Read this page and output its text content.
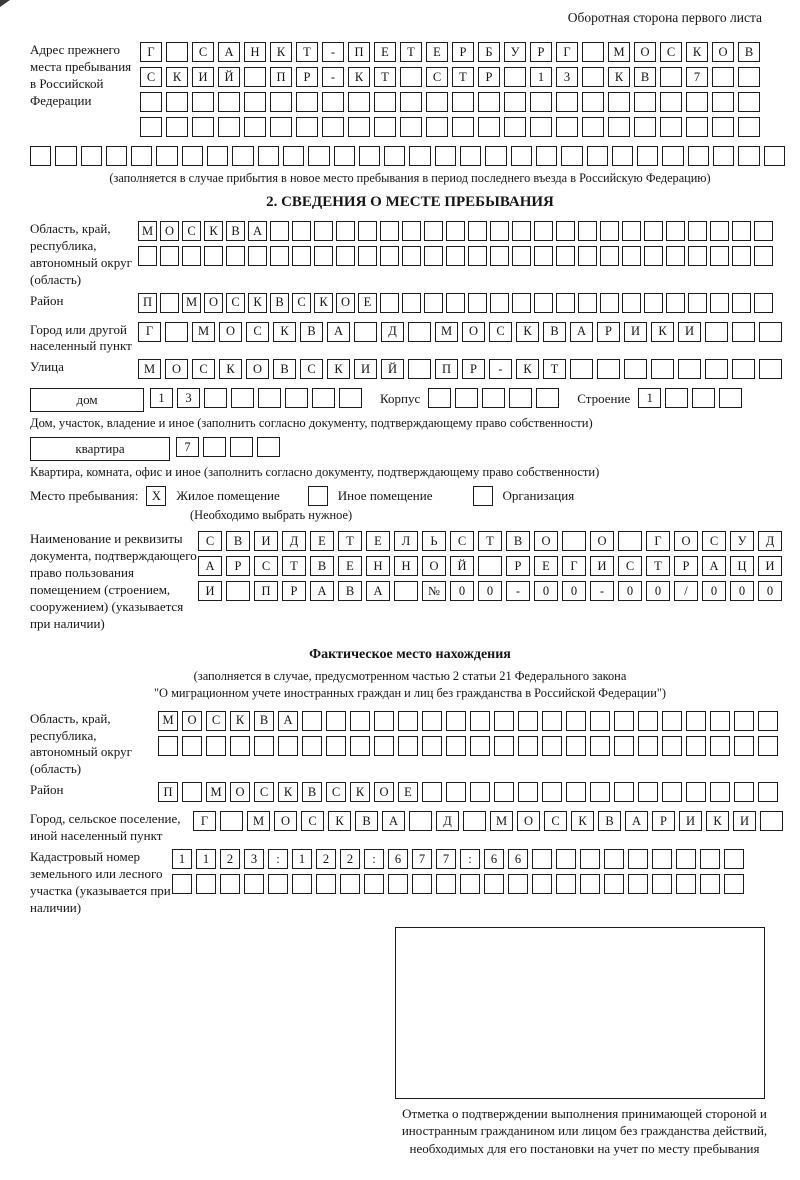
Оборотная сторона первого листа
Адрес прежнего места пребывания в Российской Федерации
Г	С	А	Н	К	Т	-	П	Е	Т	Е	Р	Б	У	Р	Г	М	О	С	К	О	В
С	К	И	Й	П	Р	-	К	Т	С	Т	Р	1	3	К	В	7
(заполняется в случае прибытия в новое место пребывания в период последнего въезда в Российскую Федерацию)
2. СВЕДЕНИЯ О МЕСТЕ ПРЕБЫВАНИЯ
Область, край, республика, автономный округ (область)
М О	С	К	В	А
Район	П	М О	С	К	В	С	К	О	Е
Город или другой населенный пункт
Г	М	О	С	К	В	А	Д	М	О	С	К	В	А	Р	И	К	И
Улица	М	О	С	К	О	В	С	К	И	Й	П	Р	-	К	Т
дом	1	3	Корпус	Строение	1
Дом, участок, владение и иное (заполнить согласно документу, подтверждающему право собственности)
квартира	7
Квартира, комната, офис и иное (заполнить согласно документу, подтверждающему право собственности)
Место пребывания:	X	Жилое помещение	Иное помещение	Организация
(Необходимо выбрать нужное)
Наименование и реквизиты документа, подтверждающего право пользования помещением (строением, сооружением) (указывается при наличии)
С	В	И	Д	Е	Т	Е	Л	Ь	С	Т	В	О	О	Г	О	С	У	Д
А	Р	С	Т	В	Е	Н	Н	О	Й	Р	Е	Г	И	С	Т	Р	А	Ц	И
И	П	Р	А	В	А	№	0	0	-	0	0	-	0	0	/	0	0	0
Фактическое место нахождения
(заполняется в случае, предусмотренном частью 2 статьи 21 Федерального закона
"О миграционном учете иностранных граждан и лиц без гражданства в Российской Федерации")
Область, край, республика, автономный округ (область)
М	О	С	К	В	А
Район	П	М	О	С	К	В	С	К	О	Е
Город, сельское поселение, иной населенный пункт
Г	М	О	С	К	В	А	Д	М	О	С	К	В	А	Р	И	К	И
Кадастровый номер земельного или лесного участка (указывается при наличии)
1	1	2	3	:	1	2	2	:	6	7	7	:	6	6
Отметка о подтверждении выполнения принимающей стороной и иностранным гражданином или лицом без гражданства действий, необходимых для его постановки на учет по месту пребывания
